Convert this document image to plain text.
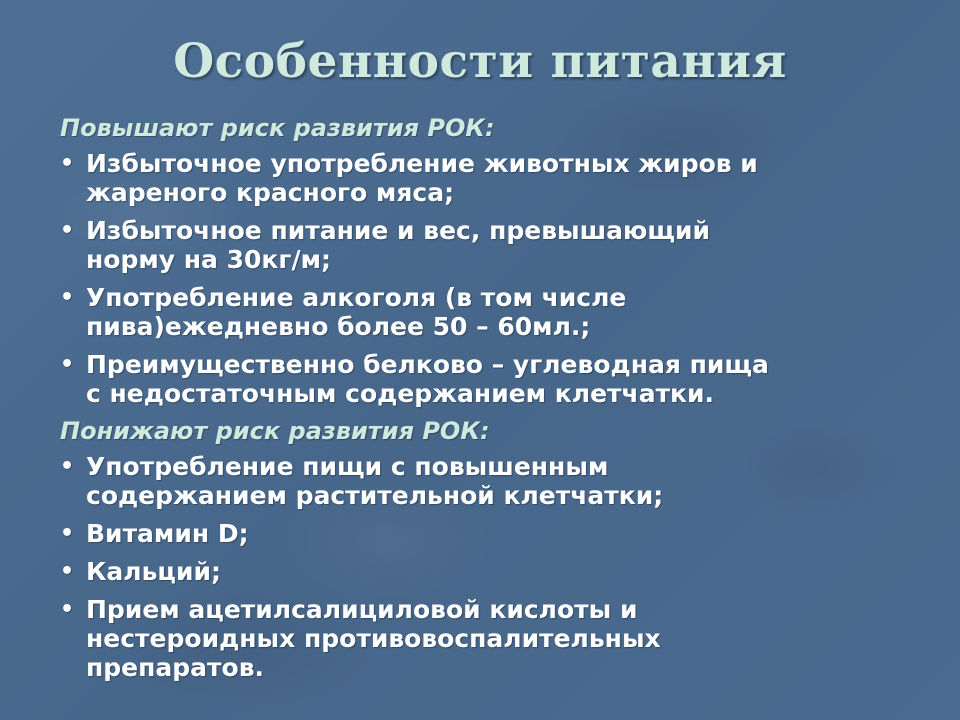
Особенности питания
Повышают риск развития РОК:
• Избыточное употребление животных жиров и
жареного красного мяса;
• Избыточное питание и вес, превышающий
норму на 30кг/м;
• Употребление алкоголя (в том числе
пива)ежедневно более 50 – 60мл.;
• Преимущественно белково – углеводная пища
с недостаточным содержанием клетчатки.
Понижают риск развития РОК:
• Употребление пищи с повышенным
содержанием растительной клетчатки;
• Витамин D;
• Кальций;
• Прием ацетилсалициловой кислоты и
нестероидных противовоспалительных
препаратов.
